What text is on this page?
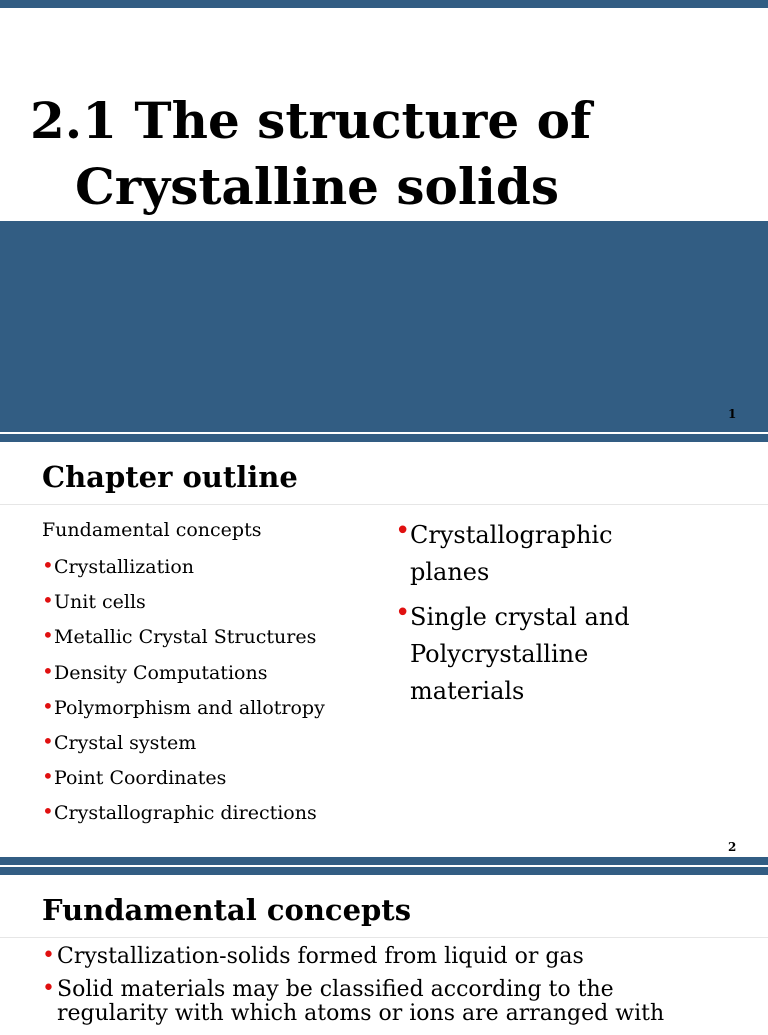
2.1 The structure of
Crystalline solids
1
Chapter outline
Fundamental concepts
• Crystallization
• Unit cells
• Metallic Crystal Structures
• Density Computations
• Polymorphism and allotropy
• Crystal system
• Point Coordinates
• Crystallographic directions
• Crystallographic planes
• Single crystal and Polycrystalline materials
2
Fundamental concepts
• Crystallization-solids formed from liquid or gas
• Solid materials may be classified according to the regularity with which atoms or ions are arranged with
